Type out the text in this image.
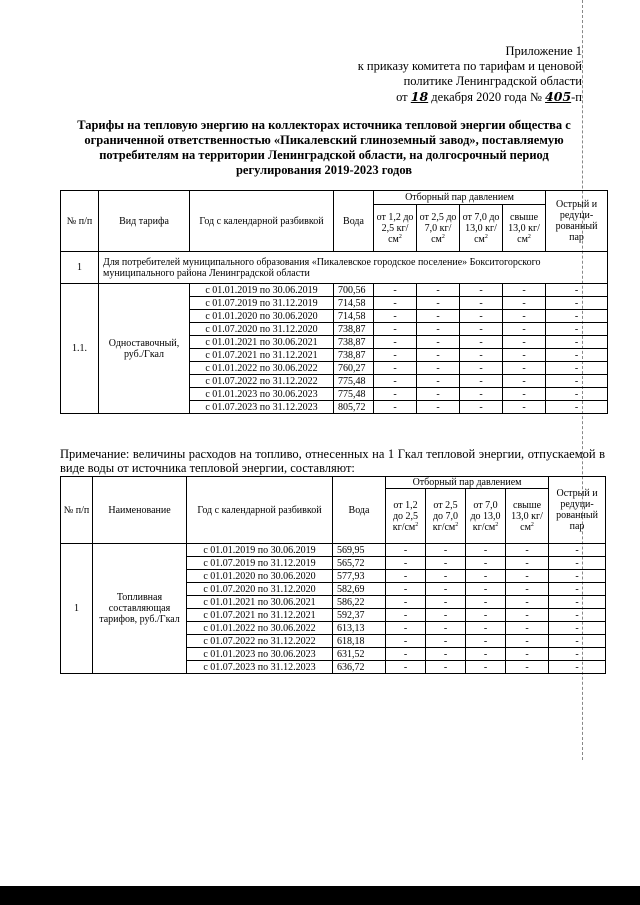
Приложение 1
к приказу комитета по тарифам и ценовой
политике Ленинградской области
от 18 декабря 2020 года № 405-п
Тарифы на тепловую энергию на коллекторах источника тепловой энергии общества с ограниченной ответственностью «Пикалевский глиноземный завод», поставляемую потребителям на территории Ленинградской области, на долгосрочный период регулирования 2019-2023 годов
№ п/п	Вид тарифа	Год с календарной разбивкой	Вода	Отборный пар давлением				Острый и редуци-рованный пар
				от 1,2 до 2,5 $кг/см^2$	от 2,5 до 7,0 $кг/см^2$	от 7,0 до 13,0 $кг/см^2$	свыше 13,0 $кг/см^2$
1	Для потребителей муниципального образования «Пикалевское городское поселение» Бокситогорского муниципального района Ленинградской области							
1.1.	Одноставочный, руб./Гкал	с 01.01.2019 по 30.06.2019	700,56	-	-	-	-	-
		с 01.07.2019 по 31.12.2019	714,58	-	-	-	-	-
		с 01.01.2020 по 30.06.2020	714,58	-	-	-	-	-
		с 01.07.2020 по 31.12.2020	738,87	-	-	-	-	-
		с 01.01.2021 по 30.06.2021	738,87	-	-	-	-	-
		с 01.07.2021 по 31.12.2021	738,87	-	-	-	-	-
		с 01.01.2022 по 30.06.2022	760,27	-	-	-	-	-
		с 01.07.2022 по 31.12.2022	775,48	-	-	-	-	-
		с 01.01.2023 по 30.06.2023	775,48	-	-	-	-	-
		с 01.07.2023 по 31.12.2023	805,72	-	-	-	-	-
Примечание: величины расходов на топливо, отнесенных на 1 Гкал тепловой энергии, отпускаемой в виде воды от источника тепловой энергии, составляют:
№ п/п	Наименование	Год с календарной разбивкой	Вода	Отборный пар давлением				Острый и редуци-рованный пар
				от 1,2 до 2,5 $кг/см^2$	от 2,5 до 7,0 $кг/см^2$	от 7,0 до 13,0 $кг/см^2$	свыше 13,0 $кг/см^2$
1	Топливная составляющая тарифов, руб./Гкал	с 01.01.2019 по 30.06.2019	569,95	-	-	-	-	-
		с 01.07.2019 по 31.12.2019	565,72	-	-	-	-	-
		с 01.01.2020 по 30.06.2020	577,93	-	-	-	-	-
		с 01.07.2020 по 31.12.2020	582,69	-	-	-	-	-
		с 01.01.2021 по 30.06.2021	586,22	-	-	-	-	-
		с 01.07.2021 по 31.12.2021	592,37	-	-	-	-	-
		с 01.01.2022 по 30.06.2022	613,13	-	-	-	-	-
		с 01.07.2022 по 31.12.2022	618,18	-	-	-	-	-
		с 01.01.2023 по 30.06.2023	631,52	-	-	-	-	-
		с 01.07.2023 по 31.12.2023	636,72	-	-	-	-	-
